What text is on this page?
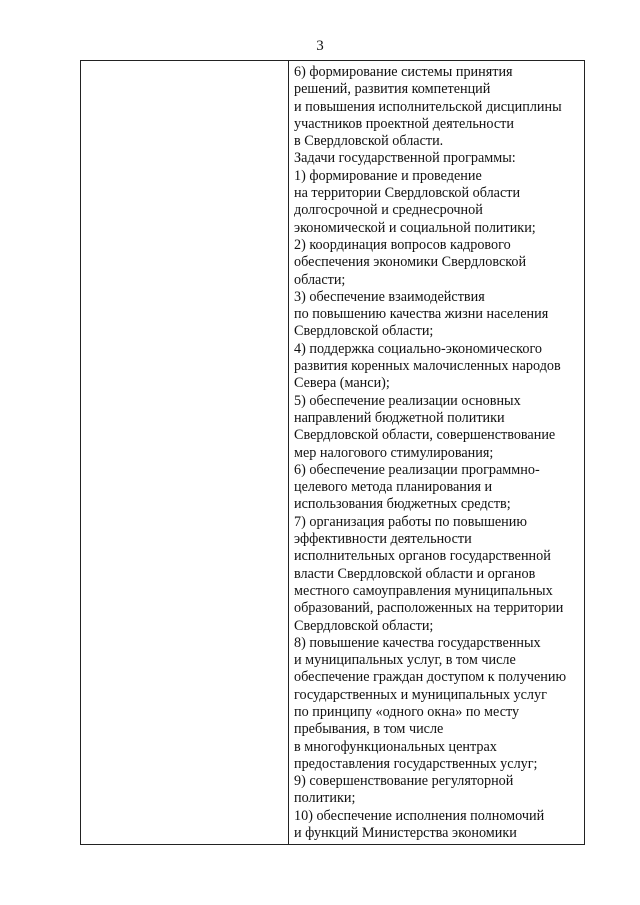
3
6) формирование системы принятия
решений, развития компетенций
и повышения исполнительской дисциплины
участников проектной деятельности
в Свердловской области.
Задачи государственной программы:
1) формирование и проведение
на территории Свердловской области
долгосрочной и среднесрочной
экономической и социальной политики;
2) координация вопросов кадрового
обеспечения экономики Свердловской
области;
3) обеспечение взаимодействия
по повышению качества жизни населения
Свердловской области;
4) поддержка социально-экономического
развития коренных малочисленных народов
Севера (манси);
5) обеспечение реализации основных
направлений бюджетной политики
Свердловской области, совершенствование
мер налогового стимулирования;
6) обеспечение реализации программно-
целевого метода планирования и
использования бюджетных средств;
7) организация работы по повышению
эффективности деятельности
исполнительных органов государственной
власти Свердловской области и органов
местного самоуправления муниципальных
образований, расположенных на территории
Свердловской области;
8) повышение качества государственных
и муниципальных услуг, в том числе
обеспечение граждан доступом к получению
государственных и муниципальных услуг
по принципу «одного окна» по месту
пребывания, в том числе
в многофункциональных центрах
предоставления государственных услуг;
9) совершенствование регуляторной
политики;
10) обеспечение исполнения полномочий
и функций Министерства экономики
